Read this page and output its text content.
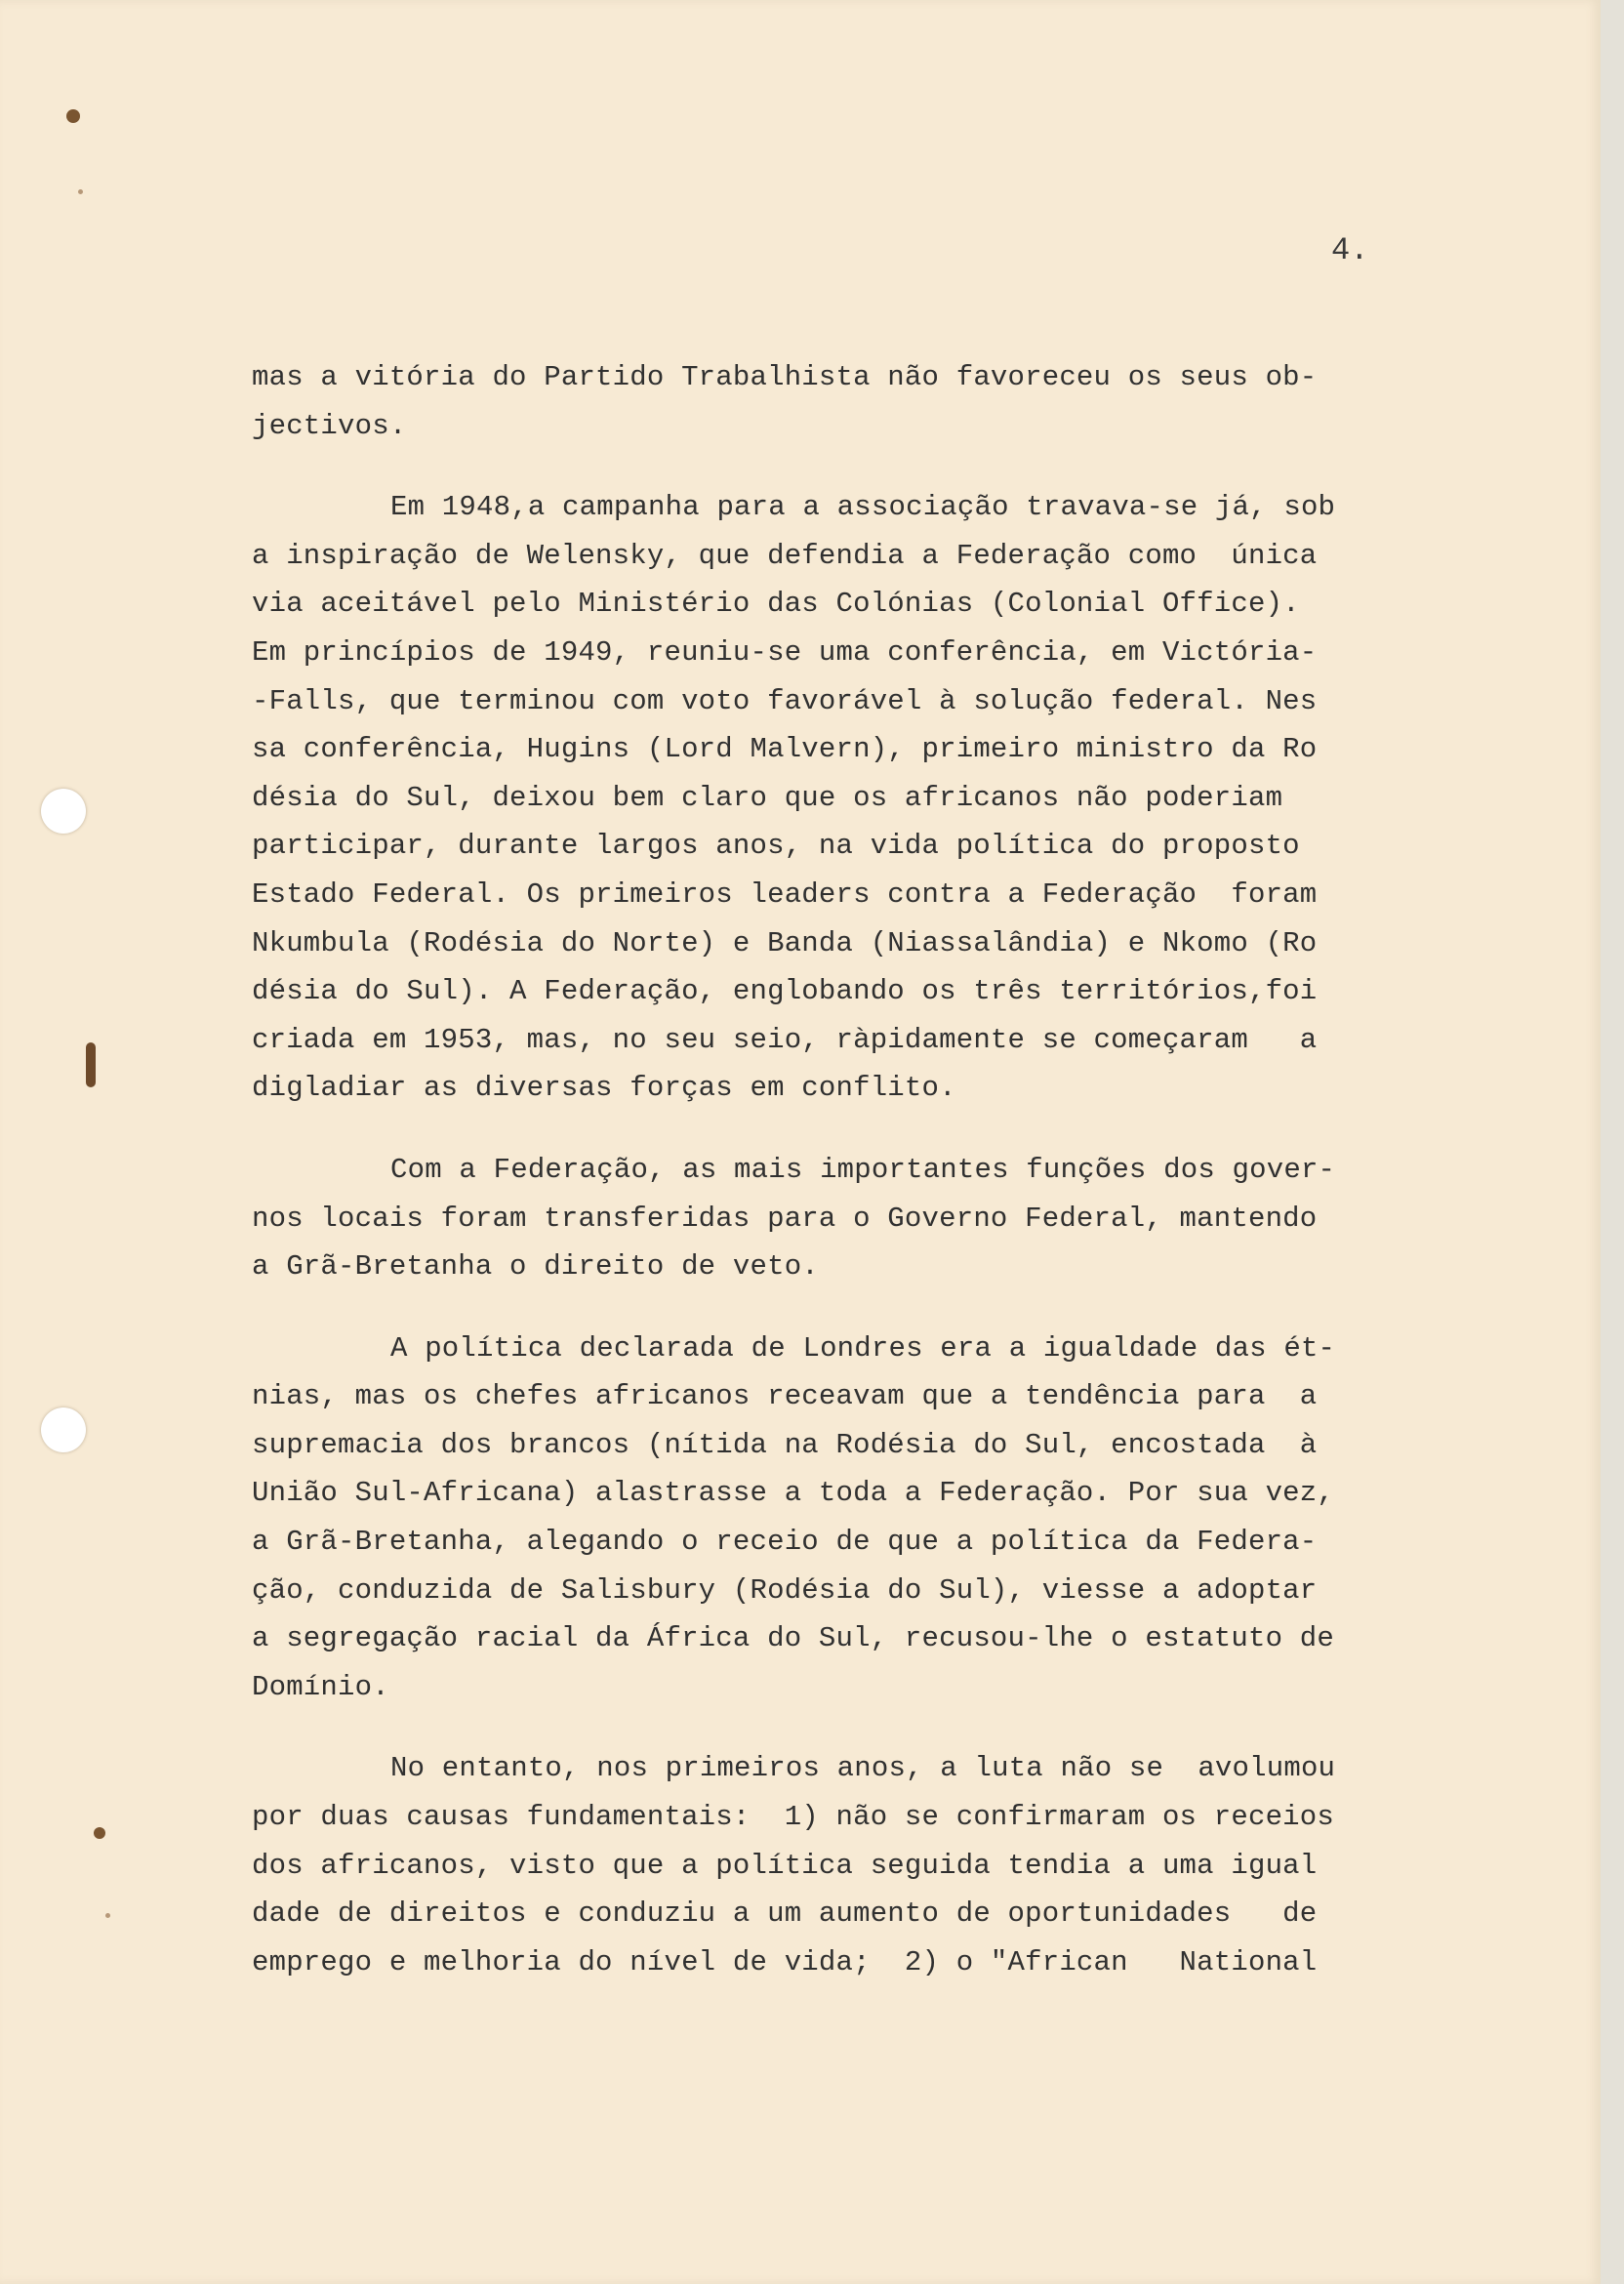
4.
mas a vitória do Partido Trabalhista não favoreceu os seus ob-
jectivos.
Em 1948,a campanha para a associação travava-se já, sob
a inspiração de Welensky, que defendia a Federação como  única
via aceitável pelo Ministério das Colónias (Colonial Office).
Em princípios de 1949, reuniu-se uma conferência, em Victória-
-Falls, que terminou com voto favorável à solução federal. Nes
sa conferência, Hugins (Lord Malvern), primeiro ministro da Ro
désia do Sul, deixou bem claro que os africanos não poderiam
participar, durante largos anos, na vida política do proposto
Estado Federal. Os primeiros leaders contra a Federação  foram
Nkumbula (Rodésia do Norte) e Banda (Niassalândia) e Nkomo (Ro
désia do Sul). A Federação, englobando os três territórios,foi
criada em 1953, mas, no seu seio, ràpidamente se começaram   a
digladiar as diversas forças em conflito.
Com a Federação, as mais importantes funções dos gover-
nos locais foram transferidas para o Governo Federal, mantendo
a Grã-Bretanha o direito de veto.
A política declarada de Londres era a igualdade das ét-
nias, mas os chefes africanos receavam que a tendência para  a
supremacia dos brancos (nítida na Rodésia do Sul, encostada  à
União Sul-Africana) alastrasse a toda a Federação. Por sua vez,
a Grã-Bretanha, alegando o receio de que a política da Federa-
ção, conduzida de Salisbury (Rodésia do Sul), viesse a adoptar
a segregação racial da África do Sul, recusou-lhe o estatuto de
Domínio.
No entanto, nos primeiros anos, a luta não se  avolumou
por duas causas fundamentais:  1) não se confirmaram os receios
dos africanos, visto que a política seguida tendia a uma igual
dade de direitos e conduziu a um aumento de oportunidades   de
emprego e melhoria do nível de vida;  2) o "African   National
